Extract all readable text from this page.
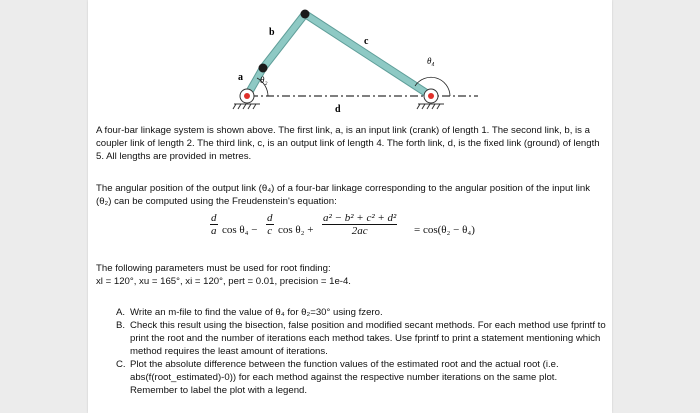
a
b
c
d
θ₂
θ₄

A four-bar linkage system is shown above. The first link, a, is an input link (crank) of length 1. The second link, b, is a coupler link of length 2. The third link, c, is an output link of length 4. The forth link, d, is the fixed link (ground) of length 5. All lengths are provided in metres.

The angular position of the output link (θ₄) of a four-bar linkage corresponding to the angular position of the input link (θ₂) can be computed using the Freudenstein's equation:

$\frac{d}{a}$ $\cos \theta_4 - \frac{d}{c}$ $\cos \theta_2 + \frac{\text{a² − b² + c² + d²}}{2ac} = \cos(\theta_2 - \theta_4)$

The following parameters must be used for root finding:

xl = 120°, xu = 165°, xi = 120°, pert = 0.01, precision = 1e-4.

A. Write an m-file to find the value of θ₄ for θ₂=30° using fzero.

B. Check this result using the bisection, false position and modified secant methods. For each method use fprintf to print the root and the number of iterations each method takes. Use fprintf to print a statement mentioning which method requires the least amount of iterations.

C. Plot the absolute difference between the function values of the estimated root and the actual root (i.e. abs(f(root_estimated)-0)) for each method against the respective number iterations on the same plot. Remember to label the plot with a legend.
